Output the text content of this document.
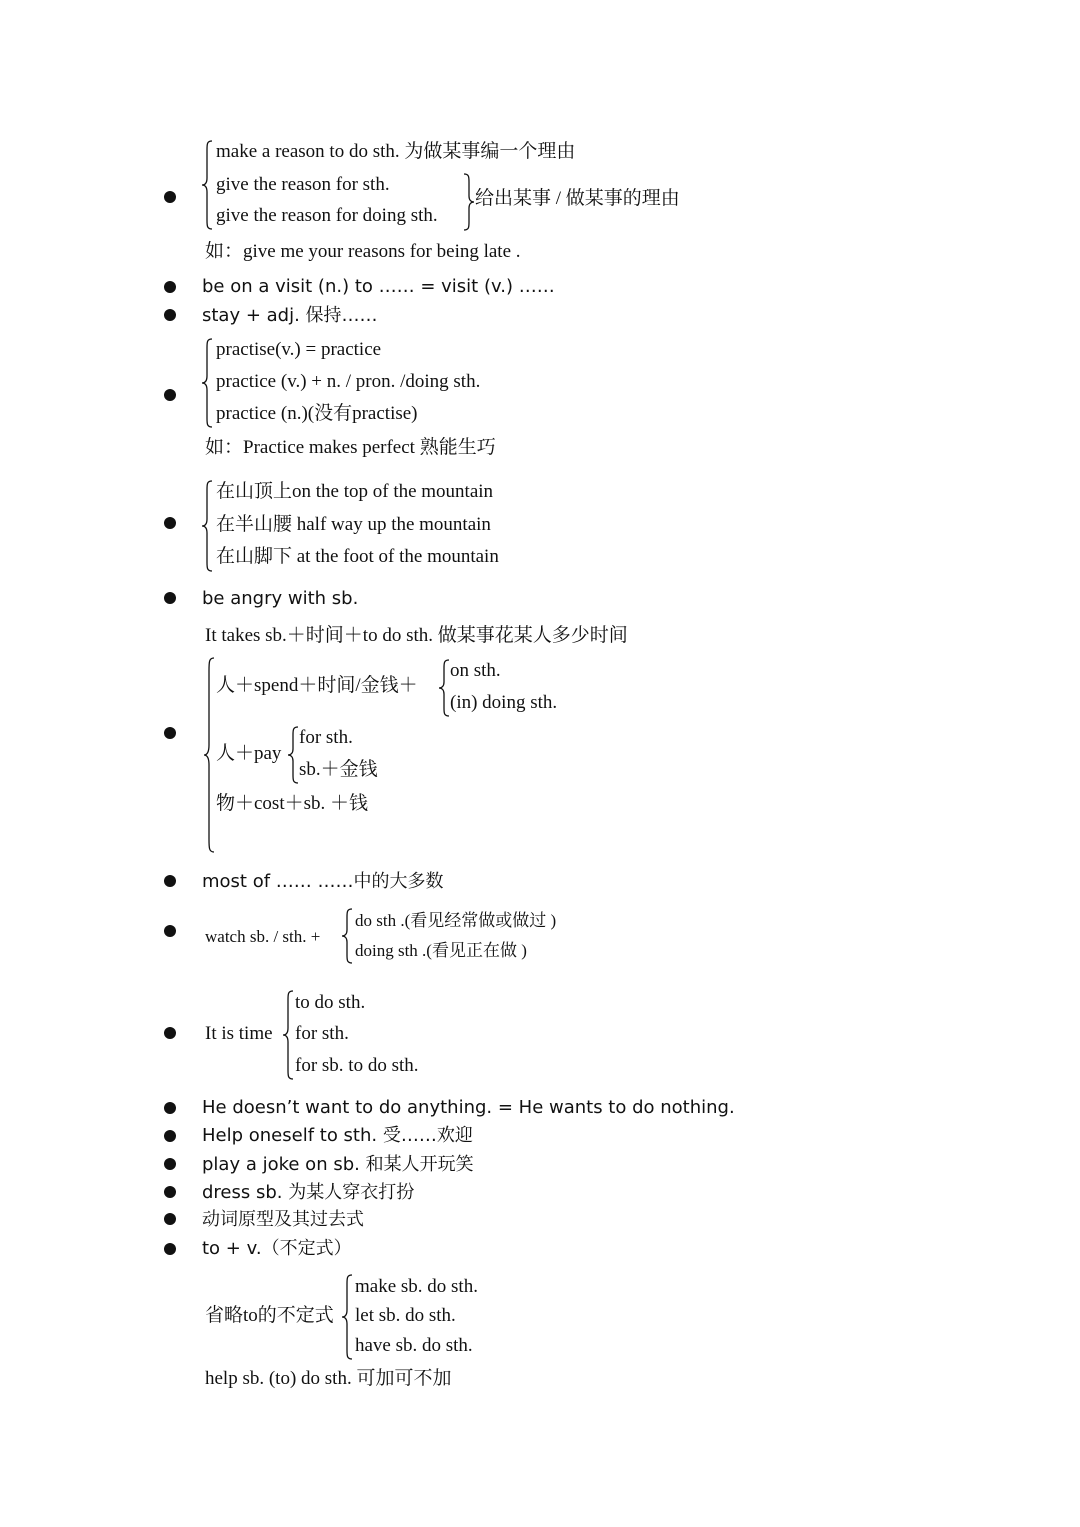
make a reason to do sth. 为做某事编一个理由
give the reason for sth.
give the reason for doing sth.
给出某事 / 做某事的理由
如：give me your reasons for being late .
be on a visit (n.) to …… = visit (v.) ……
stay + adj. 保持……
practise(v.) = practice
practice (v.) + n. / pron. /doing sth.
practice (n.)(没有practise)
如：Practice makes perfect 熟能生巧
在山顶上on the top of the mountain
在半山腰 half way up the mountain
在山脚下 at the foot of the mountain
be angry with sb.
It takes sb.＋时间＋to do sth. 做某事花某人多少时间
人＋spend＋时间/金钱＋
on sth.
(in) doing sth.
人＋pay
for sth.
sb.＋金钱
物＋cost＋sb. ＋钱
most of …… ……中的大多数
watch sb. / sth. +
do sth .(看见经常做或做过 )
doing sth .(看见正在做 )
It is time
to do sth.
for sth.
for sb. to do sth.
He doesn’t want to do anything. = He wants to do nothing.
Help oneself to sth. 受……欢迎
play a joke on sb. 和某人开玩笑
dress sb. 为某人穿衣打扮
动词原型及其过去式
to + v.（不定式）
省略to的不定式
make sb. do sth.
let sb. do sth.
have sb. do sth.
help sb. (to) do sth. 可加可不加
